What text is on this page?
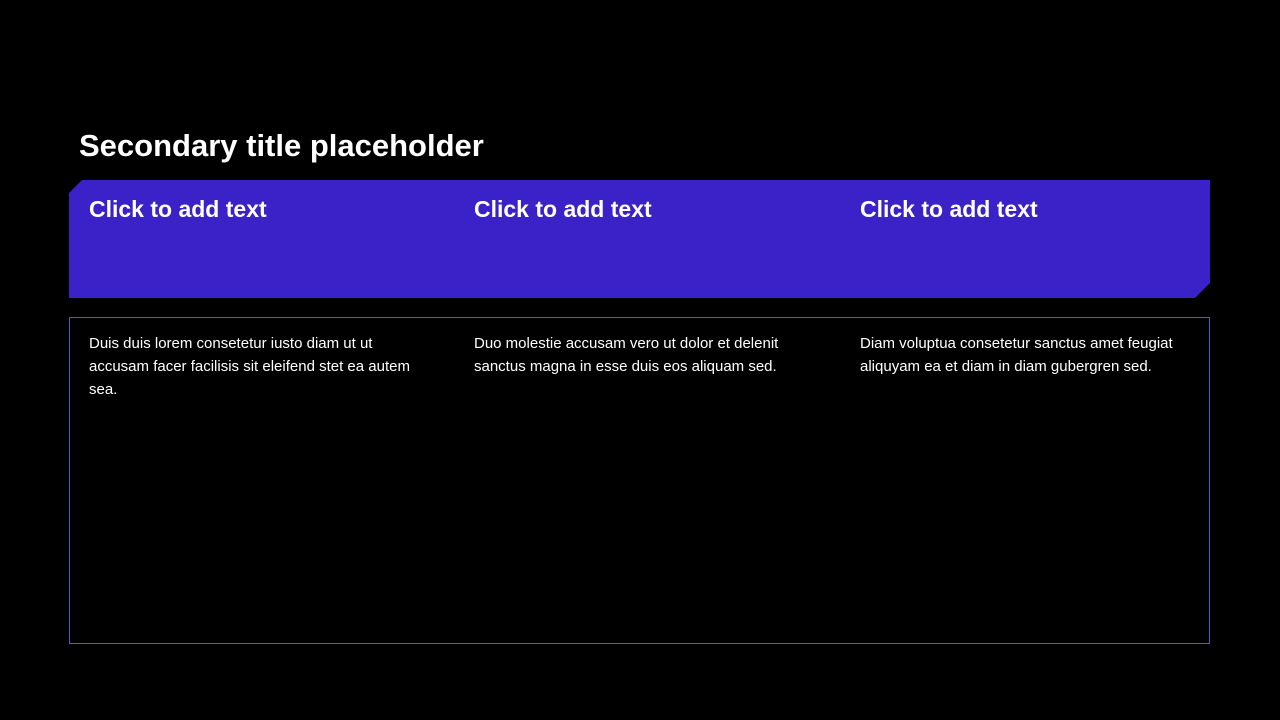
Secondary title placeholder
Click to add text	Click to add text	Click to add text
Duis duis lorem consetetur iusto diam ut ut accusam facer facilisis sit eleifend stet ea autem sea.
Duo molestie accusam vero ut dolor et delenit sanctus magna in esse duis eos aliquam sed.
Diam voluptua consetetur sanctus amet feugiat aliquyam ea et diam in diam gubergren sed.
